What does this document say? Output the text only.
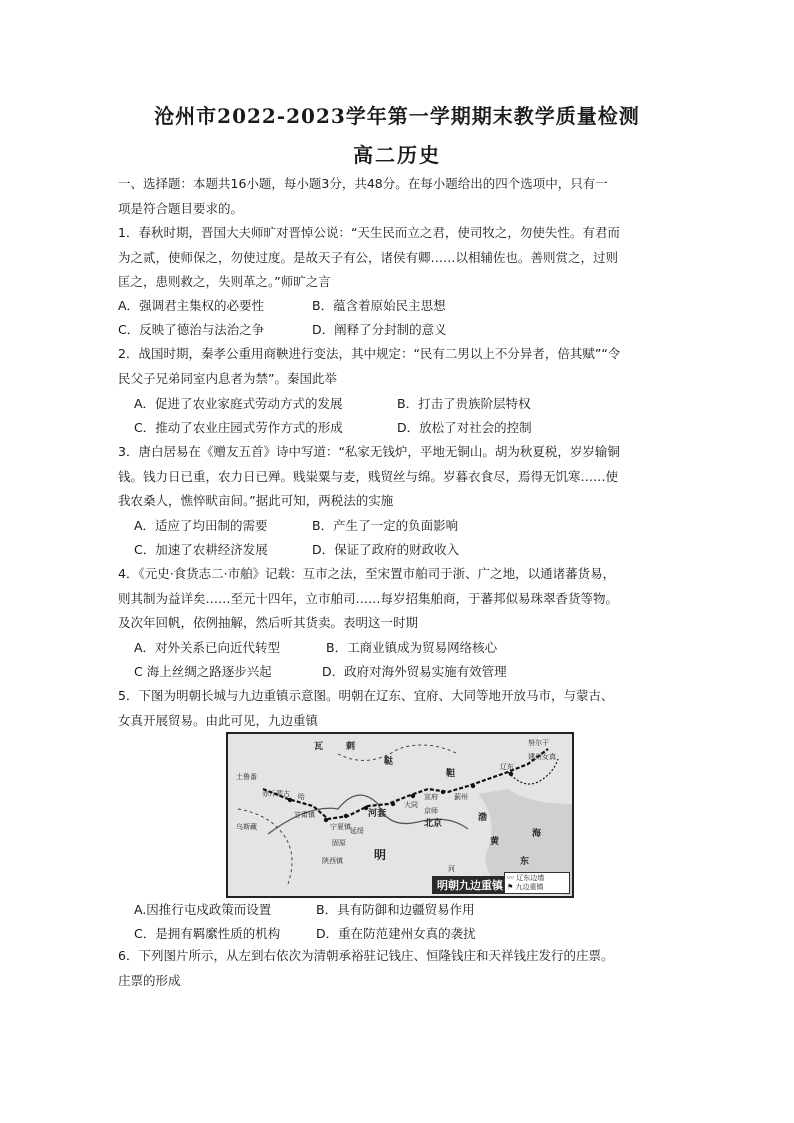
沧州市2022-2023学年第一学期期末教学质量检测
高二历史
一、选择题：本题共16小题，每小题3分，共48分。在每小题给出的四个选项中，只有一
项是符合题目要求的。
1．春秋时期，晋国大夫师旷对晋悼公说：“天生民而立之君，使司牧之，勿使失性。有君而
为之贰，使师保之，勿使过度。是故天子有公，诸侯有卿……以相辅佐也。善则赏之，过则
匡之，患则救之，失则革之。”师旷之言
A．强调君主集权的必要性	B．蕴含着原始民主思想
C．反映了德治与法治之争	D．阐释了分封制的意义
2．战国时期，秦孝公重用商鞅进行变法，其中规定：“民有二男以上不分异者，倍其赋”“令
民父子兄弟同室内息者为禁”。秦国此举
A．促进了农业家庭式劳动方式的发展	B．打击了贵族阶层特权
C．推动了农业庄园式劳作方式的形成	D．放松了对社会的控制
3．唐白居易在《赠友五首》诗中写道：“私家无钱炉，平地无铜山。胡为秋夏税，岁岁输铜
钱。钱力日已重，农力日已殚。贱粜粟与麦，贱贸丝与绵。岁暮衣食尽，焉得无饥寒……使
我农桑人，憔悴畎亩间。”据此可知，两税法的实施
A．适应了均田制的需要	B．产生了一定的负面影响
C．加速了农耕经济发展	D．保证了政府的财政收入
4．《元史·食货志二·市舶》记载：互市之法，至宋置市舶司于浙、广之地，以通诸蕃货易，
则其制为益详矣……至元十四年，立市舶司……每岁招集舶商，于蕃邦似易珠翠香货等物。
及次年回帆，依例抽解，然后听其货卖。表明这一时期
A．对外关系已向近代转型	B．工商业镇成为贸易网络核心
C 海上丝绸之路逐步兴起	D．政府对海外贸易实施有效管理
5．下图为明朝长城与九边重镇示意图。明朝在辽东、宜府、大同等地开放马市，与蒙古、
女真开展贸易。由此可见，九边重镇
瓦	剌
鞑
靼
土鲁番
赤斤蒙古 哈
甘肃镇
乌斯藏	宁夏镇 延绥
陕西镇
固原
河套
大同
宣府 蓟州
京师
北京
辽东
努尔干
建州女真
明
黄
海
东
渤
河
明朝九边重镇
〰 辽东边墙
⚑ 九边重镇
A.因推行屯戍政策而设置	B．具有防御和边疆贸易作用
C．是拥有羁縻性质的机构	D．重在防范建州女真的袭扰
6．下列图片所示，从左到右依次为清朝承裕驻记钱庄、恒隆钱庄和天祥钱庄发行的庄票。
庄票的形成
